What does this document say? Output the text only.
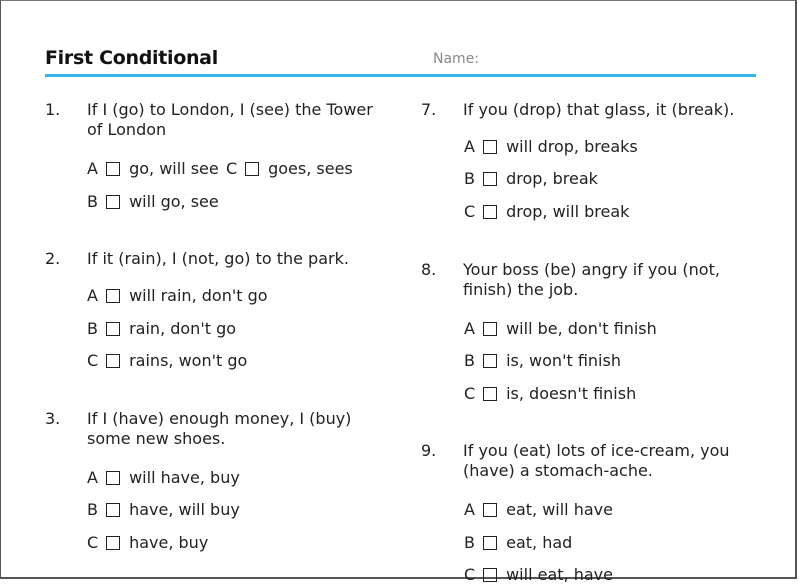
First Conditional	Name:
1. If I (go) to London, I (see) the Tower of London
A go, will see C goes, sees
B will go, see
2. If it (rain), I (not, go) to the park.
A will rain, don't go
B rain, don't go
C rains, won't go
3. If I (have) enough money, I (buy) some new shoes.
A will have, buy
B have, will buy
C have, buy
7. If you (drop) that glass, it (break).
A will drop, breaks
B drop, break
C drop, will break
8. Your boss (be) angry if you (not, finish) the job.
A will be, don't finish
B is, won't finish
C is, doesn't finish
9. If you (eat) lots of ice-cream, you (have) a stomach-ache.
A eat, will have
B eat, had
C will eat, have
